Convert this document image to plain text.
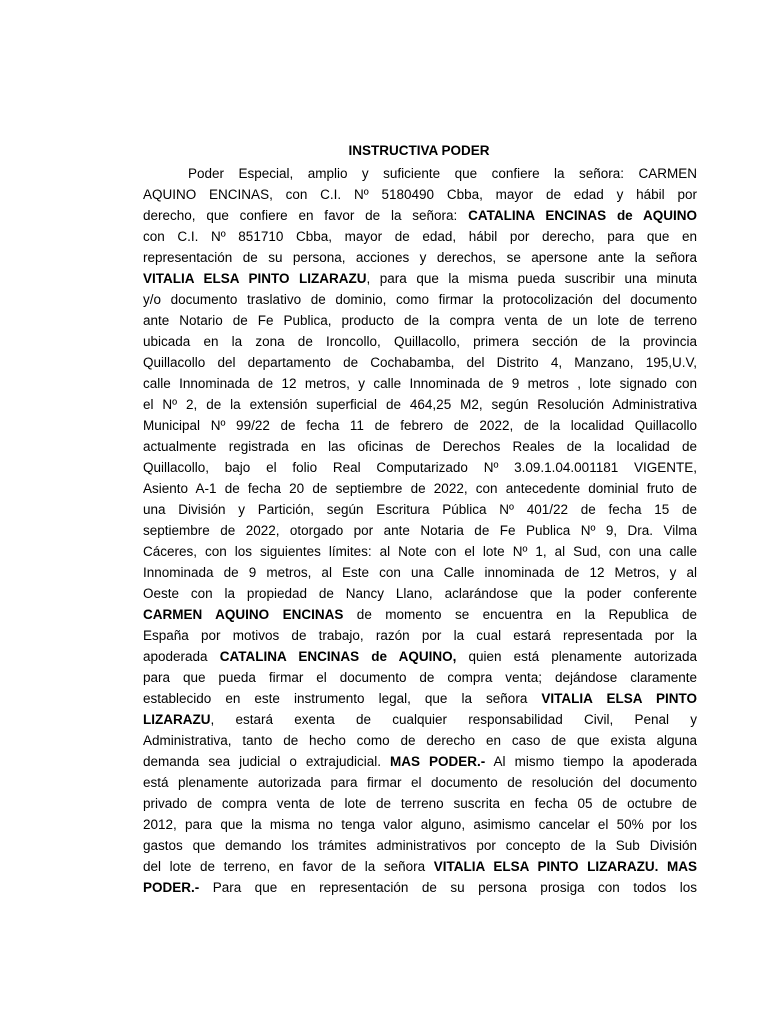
INSTRUCTIVA PODER
Poder Especial, amplio y suficiente que confiere la señora: CARMEN
AQUINO ENCINAS, con C.I. Nº 5180490 Cbba, mayor de edad y hábil por
derecho, que confiere en favor de la señora: CATALINA ENCINAS de AQUINO
con C.I. Nº 851710 Cbba, mayor de edad, hábil por derecho, para que en
representación de su persona, acciones y derechos, se apersone ante la señora
VITALIA ELSA PINTO LIZARAZU, para que la misma pueda suscribir una minuta
y/o documento traslativo de dominio, como firmar la protocolización del documento
ante Notario de Fe Publica, producto de la compra venta de un lote de terreno
ubicada en la zona de Ironcollo, Quillacollo, primera sección de la provincia
Quillacollo del departamento de Cochabamba, del Distrito 4, Manzano, 195,U.V,
calle Innominada de 12 metros, y calle Innominada de 9 metros , lote signado con
el Nº 2, de la extensión superficial de 464,25 M2, según Resolución Administrativa
Municipal Nº 99/22 de fecha 11 de febrero de 2022, de la localidad Quillacollo
actualmente registrada en las oficinas de Derechos Reales de la localidad de
Quillacollo, bajo el folio Real Computarizado Nº 3.09.1.04.001181 VIGENTE,
Asiento A-1 de fecha 20 de septiembre de 2022, con antecedente dominial fruto de
una División y Partición, según Escritura Pública Nº 401/22 de fecha 15 de
septiembre de 2022, otorgado por ante Notaria de Fe Publica Nº 9, Dra. Vilma
Cáceres, con los siguientes límites: al Note con el lote Nº 1, al Sud, con una calle
Innominada de 9 metros, al Este con una Calle innominada de 12 Metros, y al
Oeste con la propiedad de Nancy Llano, aclarándose que la poder conferente
CARMEN AQUINO ENCINAS de momento se encuentra en la Republica de
España por motivos de trabajo, razón por la cual estará representada por la
apoderada CATALINA ENCINAS de AQUINO, quien está plenamente autorizada
para que pueda firmar el documento de compra venta; dejándose claramente
establecido en este instrumento legal, que la señora VITALIA ELSA PINTO
LIZARAZU, estará exenta de cualquier responsabilidad Civil, Penal y
Administrativa, tanto de hecho como de derecho en caso de que exista alguna
demanda sea judicial o extrajudicial. MAS PODER.- Al mismo tiempo la apoderada
está plenamente autorizada para firmar el documento de resolución del documento
privado de compra venta de lote de terreno suscrita en fecha 05 de octubre de
2012, para que la misma no tenga valor alguno, asimismo cancelar el 50% por los
gastos que demando los trámites administrativos por concepto de la Sub División
del lote de terreno, en favor de la señora VITALIA ELSA PINTO LIZARAZU. MAS
PODER.- Para que en representación de su persona prosiga con todos los
